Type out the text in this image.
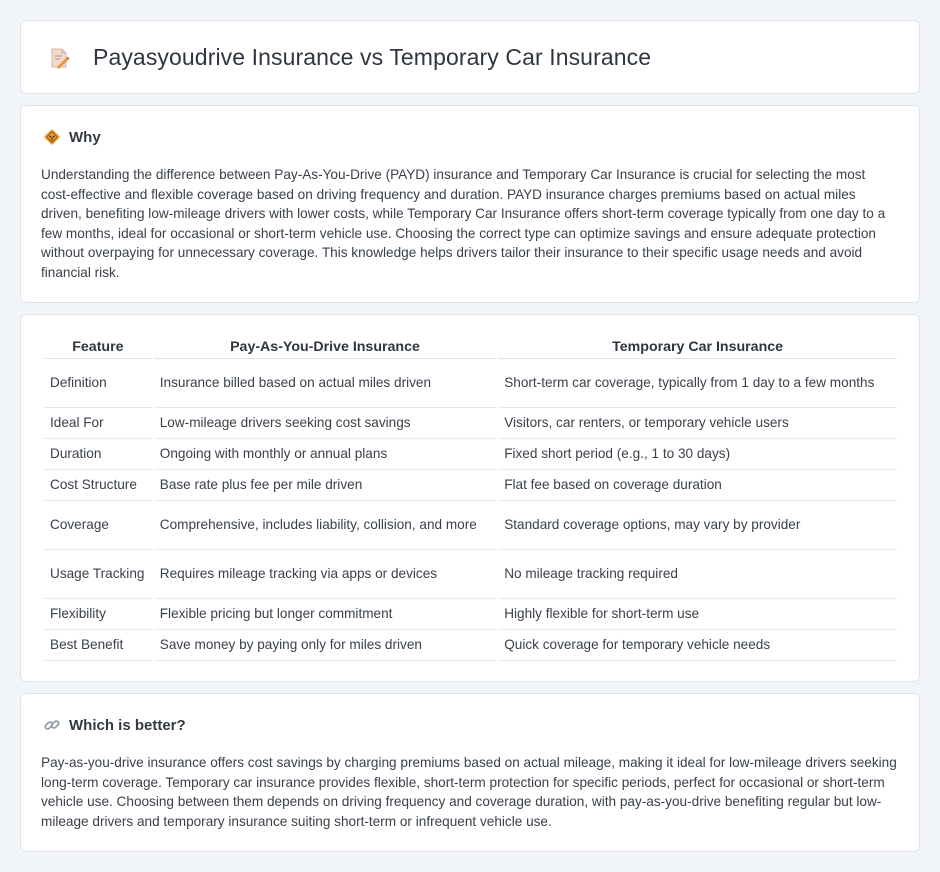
Payasyoudrive Insurance vs Temporary Car Insurance
Why

Understanding the difference between Pay-As-You-Drive (PAYD) insurance and Temporary Car Insurance is crucial for selecting the most cost-effective and flexible coverage based on driving frequency and duration. PAYD insurance charges premiums based on actual miles driven, benefiting low-mileage drivers with lower costs, while Temporary Car Insurance offers short-term coverage typically from one day to a few months, ideal for occasional or short-term vehicle use. Choosing the correct type can optimize savings and ensure adequate protection without overpaying for unnecessary coverage. This knowledge helps drivers tailor their insurance to their specific usage needs and avoid financial risk.

Feature	Pay-As-You-Drive Insurance	Temporary Car Insurance
Definition	Insurance billed based on actual miles driven	Short-term car coverage, typically from 1 day to a few months
Ideal For	Low-mileage drivers seeking cost savings	Visitors, car renters, or temporary vehicle users
Duration	Ongoing with monthly or annual plans	Fixed short period (e.g., 1 to 30 days)
Cost Structure	Base rate plus fee per mile driven	Flat fee based on coverage duration
Coverage	Comprehensive, includes liability, collision, and more	Standard coverage options, may vary by provider
Usage Tracking	Requires mileage tracking via apps or devices	No mileage tracking required
Flexibility	Flexible pricing but longer commitment	Highly flexible for short-term use
Best Benefit	Save money by paying only for miles driven	Quick coverage for temporary vehicle needs
Which is better?

Pay-as-you-drive insurance offers cost savings by charging premiums based on actual mileage, making it ideal for low-mileage drivers seeking long-term coverage. Temporary car insurance provides flexible, short-term protection for specific periods, perfect for occasional or short-term vehicle use. Choosing between them depends on driving frequency and coverage duration, with pay-as-you-drive benefiting regular but low-mileage drivers and temporary insurance suiting short-term or infrequent vehicle use.
